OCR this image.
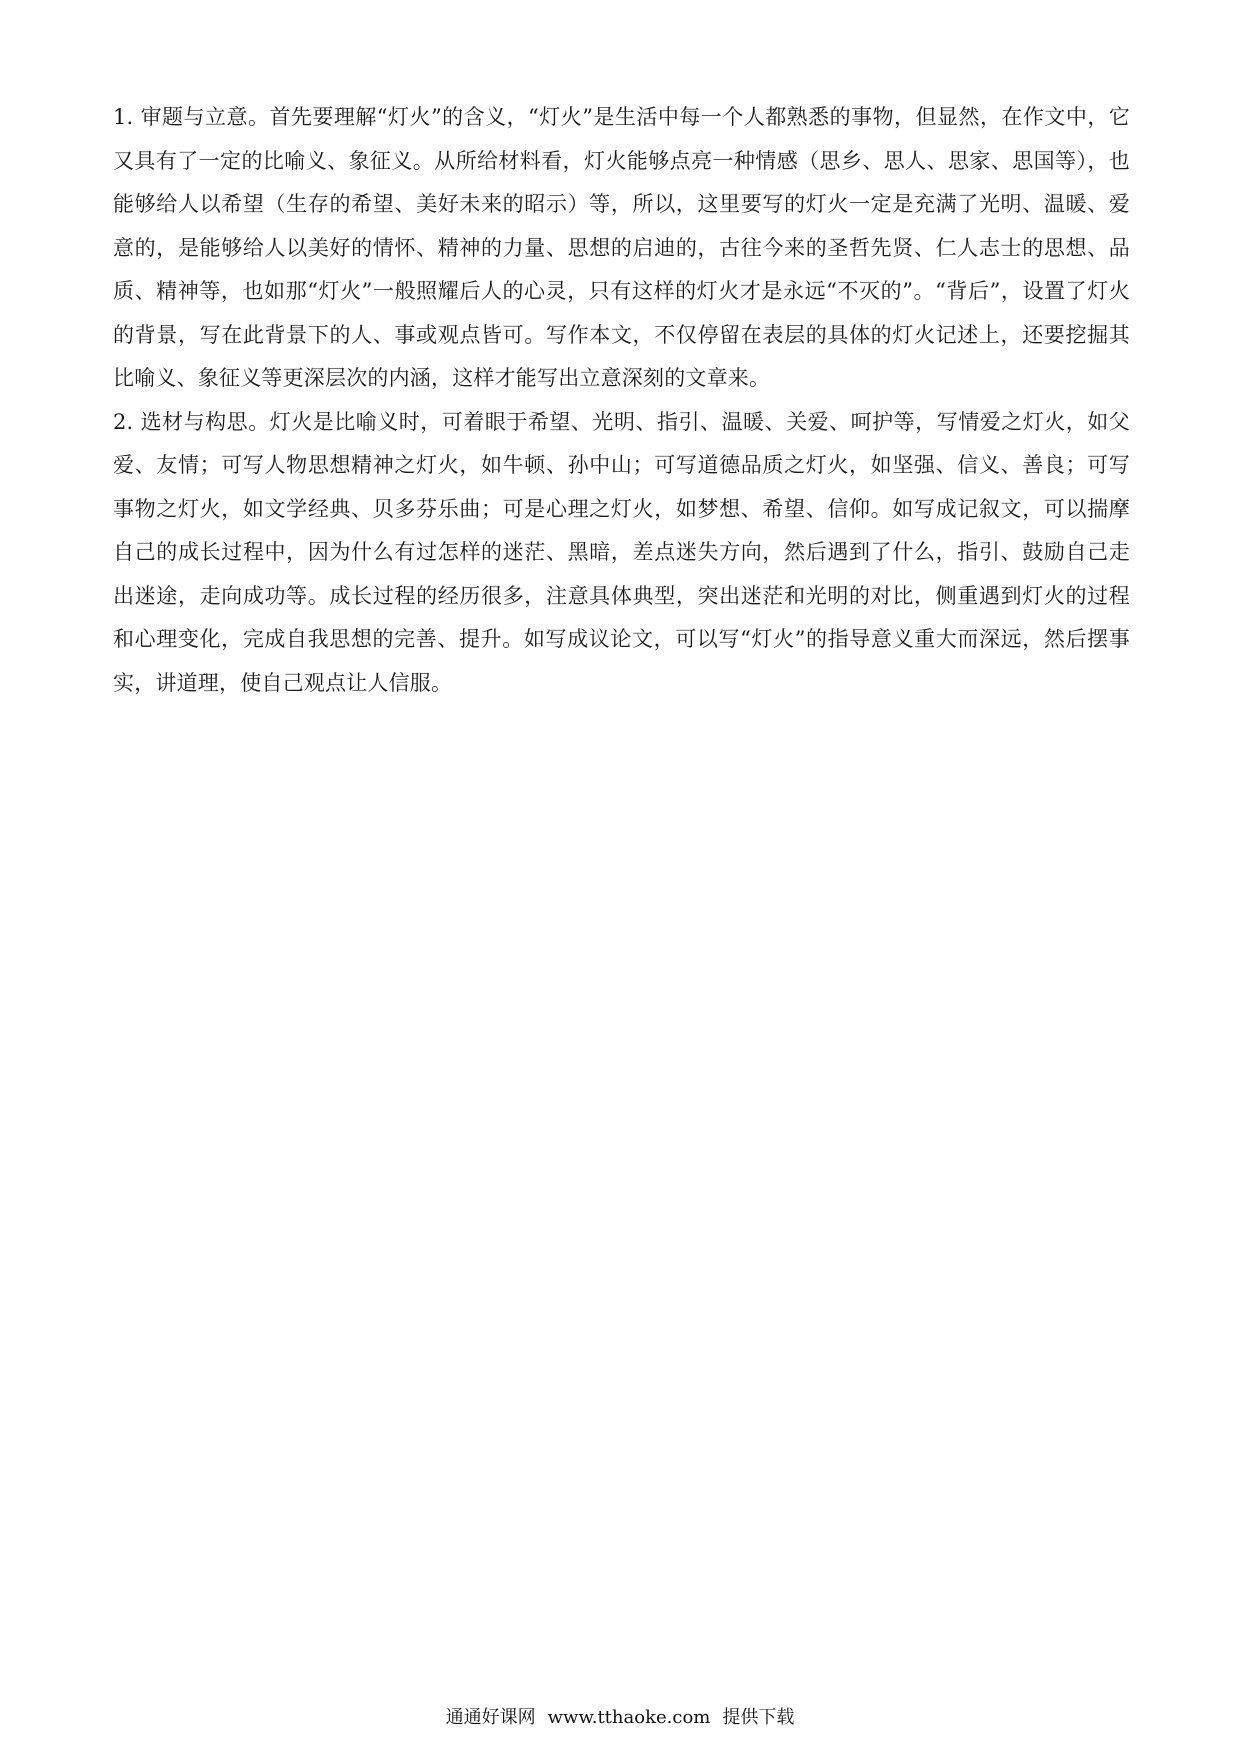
1. 审题与立意。首先要理解“灯火”的含义，“灯火”是生活中每一个人都熟悉的事物，但显然，在作文中，它又具有了一定的比喻义、象征义。从所给材料看，灯火能够点亮一种情感（思乡、思人、思家、思国等），也能够给人以希望（生存的希望、美好未来的昭示）等，所以，这里要写的灯火一定是充满了光明、温暖、爱意的，是能够给人以美好的情怀、精神的力量、思想的启迪的，古往今来的圣哲先贤、仁人志士的思想、品质、精神等，也如那“灯火”一般照耀后人的心灵，只有这样的灯火才是永远“不灭的”。“背后”，设置了灯火的背景，写在此背景下的人、事或观点皆可。写作本文，不仅停留在表层的具体的灯火记述上，还要挖掘其比喻义、象征义等更深层次的内涵，这样才能写出立意深刻的文章来。

2. 选材与构思。灯火是比喻义时，可着眼于希望、光明、指引、温暖、关爱、呵护等，写情爱之灯火，如父爱、友情；可写人物思想精神之灯火，如牛顿、孙中山；可写道德品质之灯火，如坚强、信义、善良；可写事物之灯火，如文学经典、贝多芬乐曲；可是心理之灯火，如梦想、希望、信仰。如写成记叙文，可以揣摩自己的成长过程中，因为什么有过怎样的迷茫、黑暗，差点迷失方向，然后遇到了什么，指引、鼓励自己走出迷途，走向成功等。成长过程的经历很多，注意具体典型，突出迷茫和光明的对比，侧重遇到灯火的过程和心理变化，完成自我思想的完善、提升。如写成议论文，可以写“灯火”的指导意义重大而深远，然后摆事实，讲道理，使自己观点让人信服。

通通好课网 www.tthaoke.com 提供下载
